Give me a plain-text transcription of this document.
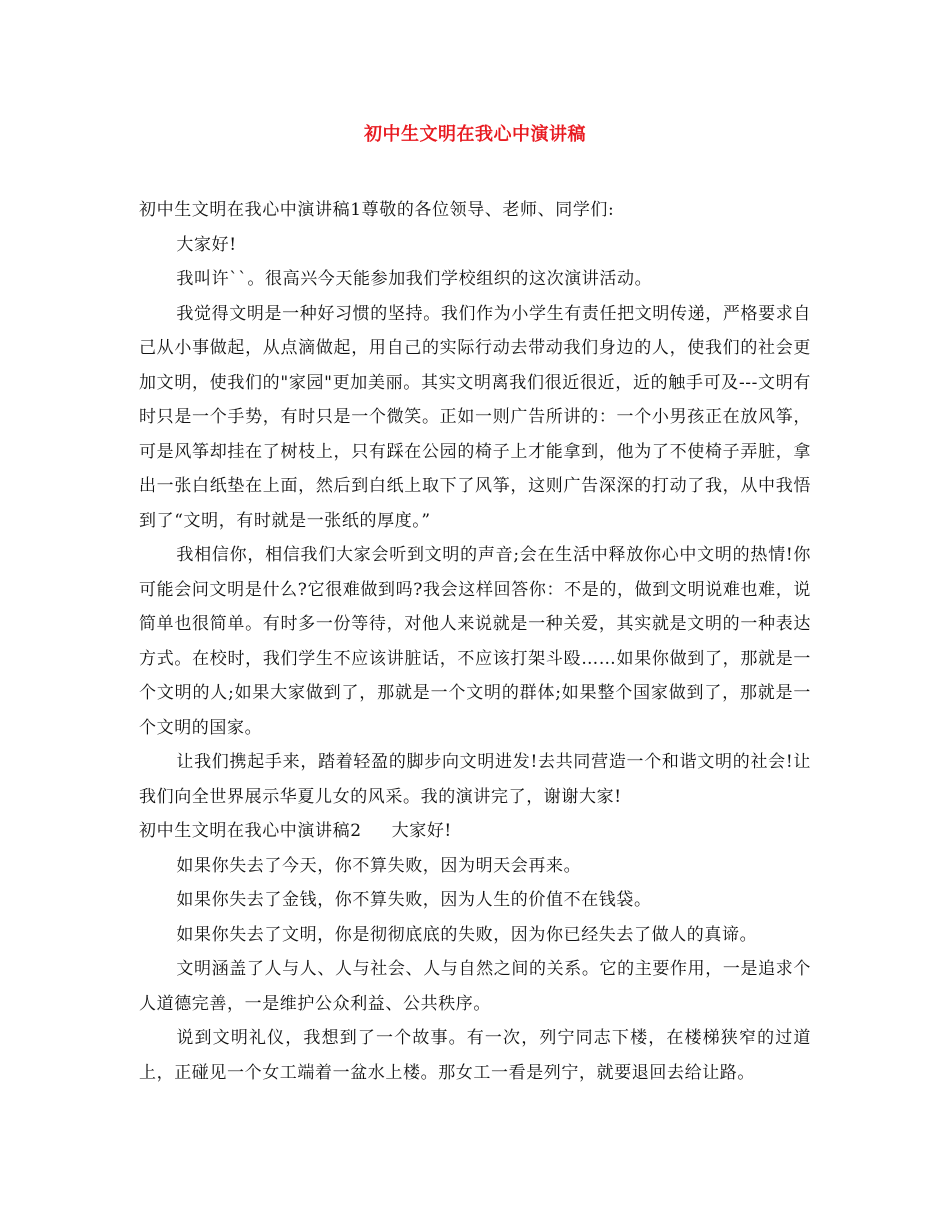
初中生文明在我心中演讲稿

初中生文明在我心中演讲稿1尊敬的各位领导、老师、同学们:

大家好!

我叫许``。很高兴今天能参加我们学校组织的这次演讲活动。

我觉得文明是一种好习惯的坚持。我们作为小学生有责任把文明传递，严格要求自己从小事做起，从点滴做起，用自己的实际行动去带动我们身边的人，使我们的社会更加文明，使我们的"家园"更加美丽。其实文明离我们很近很近，近的触手可及---文明有时只是一个手势，有时只是一个微笑。正如一则广告所讲的：一个小男孩正在放风筝，可是风筝却挂在了树枝上，只有踩在公园的椅子上才能拿到，他为了不使椅子弄脏，拿出一张白纸垫在上面，然后到白纸上取下了风筝，这则广告深深的打动了我，从中我悟到了“文明，有时就是一张纸的厚度。”

我相信你，相信我们大家会听到文明的声音;会在生活中释放你心中文明的热情!你可能会问文明是什么?它很难做到吗?我会这样回答你：不是的，做到文明说难也难，说简单也很简单。有时多一份等待，对他人来说就是一种关爱，其实就是文明的一种表达方式。在校时，我们学生不应该讲脏话，不应该打架斗殴……如果你做到了，那就是一个文明的人;如果大家做到了，那就是一个文明的群体;如果整个国家做到了，那就是一个文明的国家。

让我们携起手来，踏着轻盈的脚步向文明进发!去共同营造一个和谐文明的社会!让我们向全世界展示华夏儿女的风采。我的演讲完了，谢谢大家!

初中生文明在我心中演讲稿2 大家好!

如果你失去了今天，你不算失败，因为明天会再来。

如果你失去了金钱，你不算失败，因为人生的价值不在钱袋。

如果你失去了文明，你是彻彻底底的失败，因为你已经失去了做人的真谛。

文明涵盖了人与人、人与社会、人与自然之间的关系。它的主要作用，一是追求个人道德完善，一是维护公众利益、公共秩序。

说到文明礼仪，我想到了一个故事。有一次，列宁同志下楼，在楼梯狭窄的过道上，正碰见一个女工端着一盆水上楼。那女工一看是列宁，就要退回去给让路。
